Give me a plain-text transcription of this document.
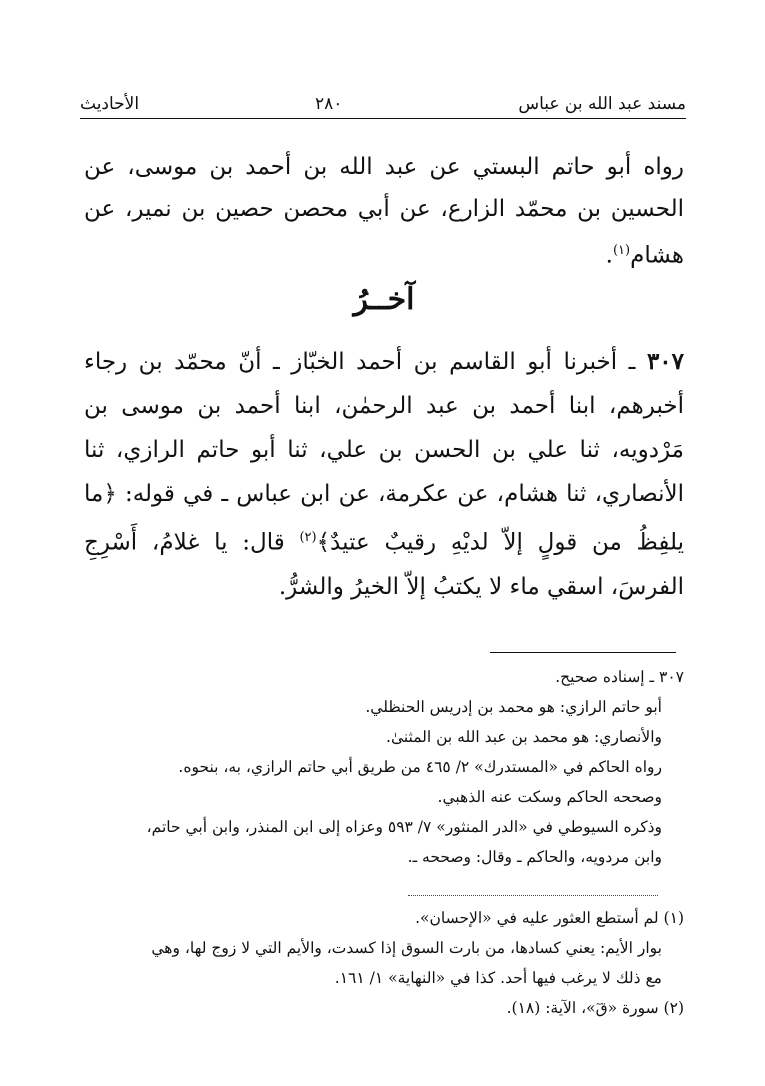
مسند عبد الله بن عباس
٢٨٠
الأحاديث

رواه أبو حاتم البستي عن عبد الله بن أحمد بن موسى، عن الحسين بن محمّد الزارع، عن أبي محصن حصين بن نمير، عن هشام$^{(١)}$.

آخــرُ

٣٠٧ ـ أخبرنا أبو القاسم بن أحمد الخبّاز ـ أنّ محمّد بن رجاء أخبرهم، ابنا أحمد بن عبد الرحمٰن، ابنا أحمد بن موسى بن مَرْدويه، ثنا علي بن الحسن بن علي، ثنا أبو حاتم الرازي، ثنا الأنصاري، ثنا هشام، عن عكرمة، عن ابن عباس ـ في قوله: ﴿ما يلفِظُ من قولٍ إلاّ لديْهِ رقيبٌ عتيدٌ﴾$^{(٢)}$ قال: يا غلامُ، أَسْرِجِ الفرسَ، اسقي ماء لا يكتبُ إلاّ الخيرُ والشرُّ.

٣٠٧ ـ إسناده صحيح.

أبو حاتم الرازي: هو محمد بن إدريس الحنظلي.

والأنصاري: هو محمد بن عبد الله بن المثنىٰ.

رواه الحاكم في «المستدرك» ٢/ ٤٦٥ من طريق أبي حاتم الرازي، به، بنحوه.

وصححه الحاكم وسكت عنه الذهبي.

وذكره السيوطي في «الدر المنثور» ٧/ ٥٩٣ وعزاه إلى ابن المنذر، وابن أبي حاتم،

وابن مردويه، والحاكم ـ وقال: وصححه ـ.

(١) لم أستطع العثور عليه في «الإحسان».

بوار الأيم: يعني كسادها، من بارت السوق إذا كسدت، والأيم التي لا زوج لها، وهي

مع ذلك لا يرغب فيها أحد. كذا في «النهاية» ١/ ١٦١.

(٢) سورة «قٓ»، الآية: (١٨).
